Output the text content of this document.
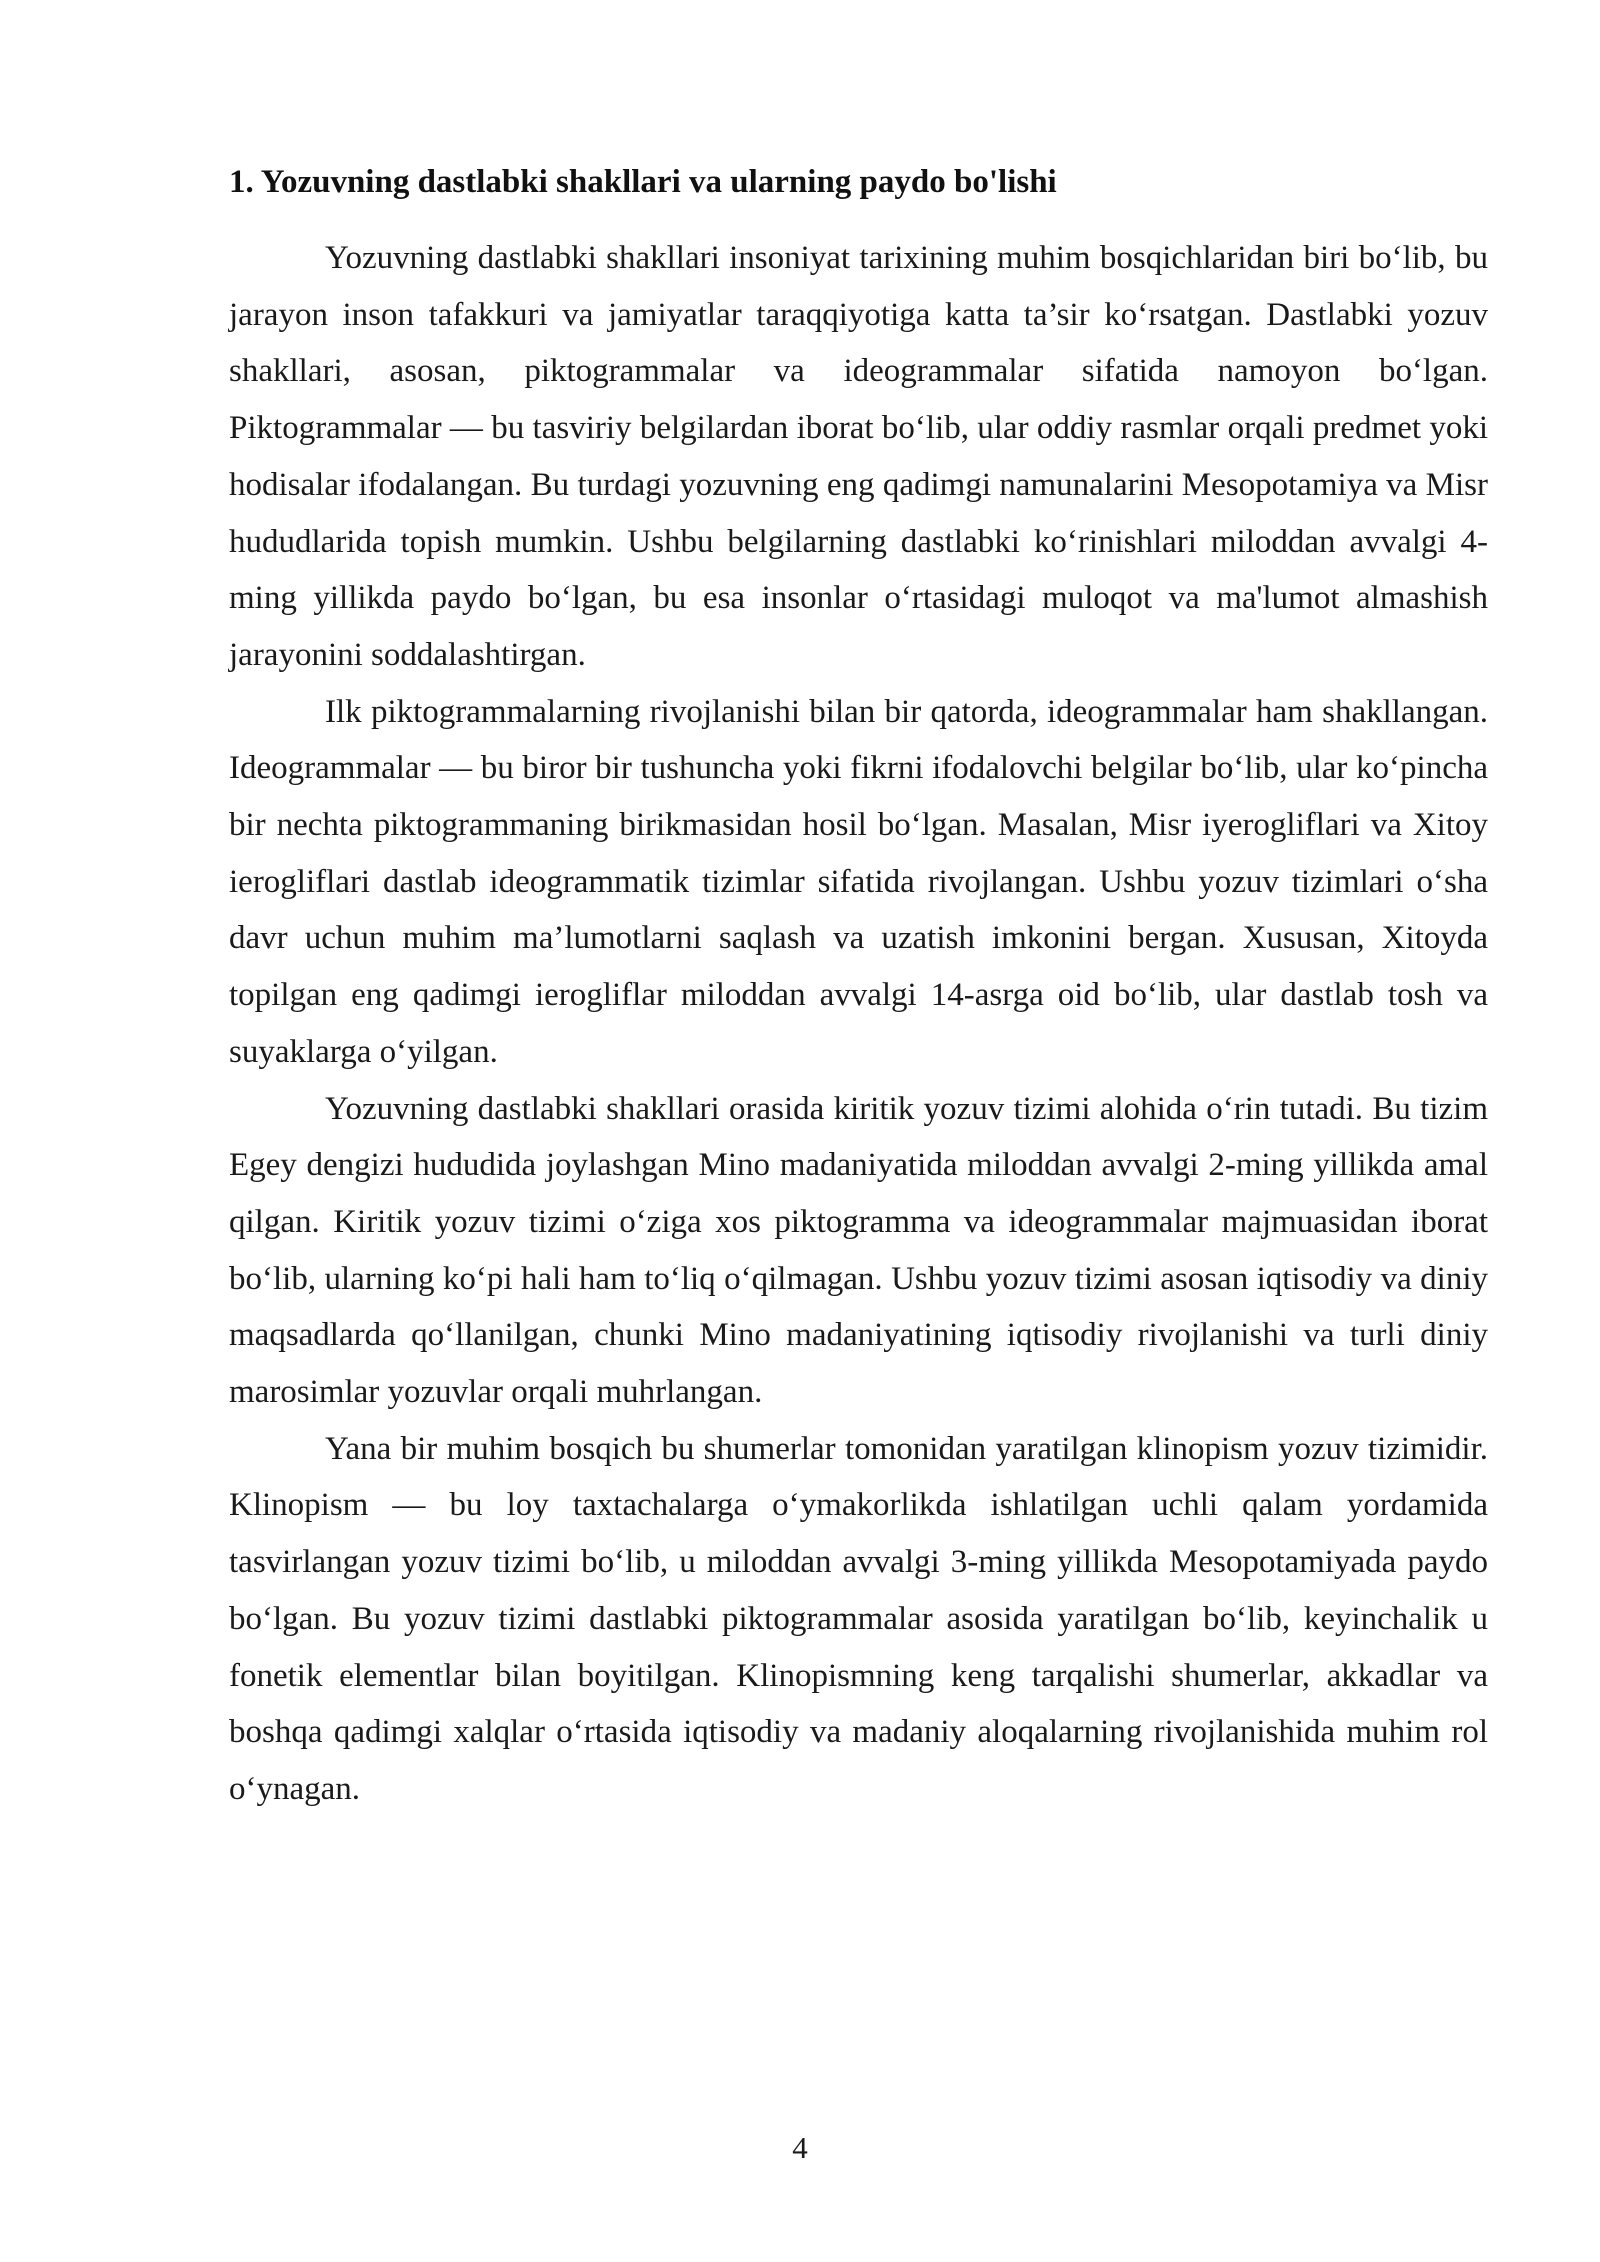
1. Yozuvning dastlabki shakllari va ularning paydo bo'lishi

Yozuvning dastlabki shakllari insoniyat tarixining muhim bosqichlaridan biri bo‘lib, bu jarayon inson tafakkuri va jamiyatlar taraqqiyotiga katta ta’sir ko‘rsatgan. Dastlabki yozuv shakllari, asosan, piktogrammalar va ideogrammalar sifatida namoyon bo‘lgan. Piktogrammalar — bu tasviriy belgilardan iborat bo‘lib, ular oddiy rasmlar orqali predmet yoki hodisalar ifodalangan. Bu turdagi yozuvning eng qadimgi namunalarini Mesopotamiya va Misr hududlarida topish mumkin. Ushbu belgilarning dastlabki ko‘rinishlari miloddan avvalgi 4-ming yillikda paydo bo‘lgan, bu esa insonlar o‘rtasidagi muloqot va ma'lumot almashish jarayonini soddalashtirgan.

Ilk piktogrammalarning rivojlanishi bilan bir qatorda, ideogrammalar ham shakllangan. Ideogrammalar — bu biror bir tushuncha yoki fikrni ifodalovchi belgilar bo‘lib, ular ko‘pincha bir nechta piktogrammaning birikmasidan hosil bo‘lgan. Masalan, Misr iyerogliflari va Xitoy ierogliflari dastlab ideogrammatik tizimlar sifatida rivojlangan. Ushbu yozuv tizimlari o‘sha davr uchun muhim ma’lumotlarni saqlash va uzatish imkonini bergan. Xususan, Xitoyda topilgan eng qadimgi ierogliflar miloddan avvalgi 14-asrga oid bo‘lib, ular dastlab tosh va suyaklarga o‘yilgan.

Yozuvning dastlabki shakllari orasida kiritik yozuv tizimi alohida o‘rin tutadi. Bu tizim Egey dengizi hududida joylashgan Mino madaniyatida miloddan avvalgi 2-ming yillikda amal qilgan. Kiritik yozuv tizimi o‘ziga xos piktogramma va ideogrammalar majmuasidan iborat bo‘lib, ularning ko‘pi hali ham to‘liq o‘qilmagan. Ushbu yozuv tizimi asosan iqtisodiy va diniy maqsadlarda qo‘llanilgan, chunki Mino madaniyatining iqtisodiy rivojlanishi va turli diniy marosimlar yozuvlar orqali muhrlangan.

Yana bir muhim bosqich bu shumerlar tomonidan yaratilgan klinopism yozuv tizimidir. Klinopism — bu loy taxtachalarga o‘ymakorlikda ishlatilgan uchli qalam yordamida tasvirlangan yozuv tizimi bo‘lib, u miloddan avvalgi 3-ming yillikda Mesopotamiyada paydo bo‘lgan. Bu yozuv tizimi dastlabki piktogrammalar asosida yaratilgan bo‘lib, keyinchalik u fonetik elementlar bilan boyitilgan. Klinopismning keng tarqalishi shumerlar, akkadlar va boshqa qadimgi xalqlar o‘rtasida iqtisodiy va madaniy aloqalarning rivojlanishida muhim rol o‘ynagan.

4
